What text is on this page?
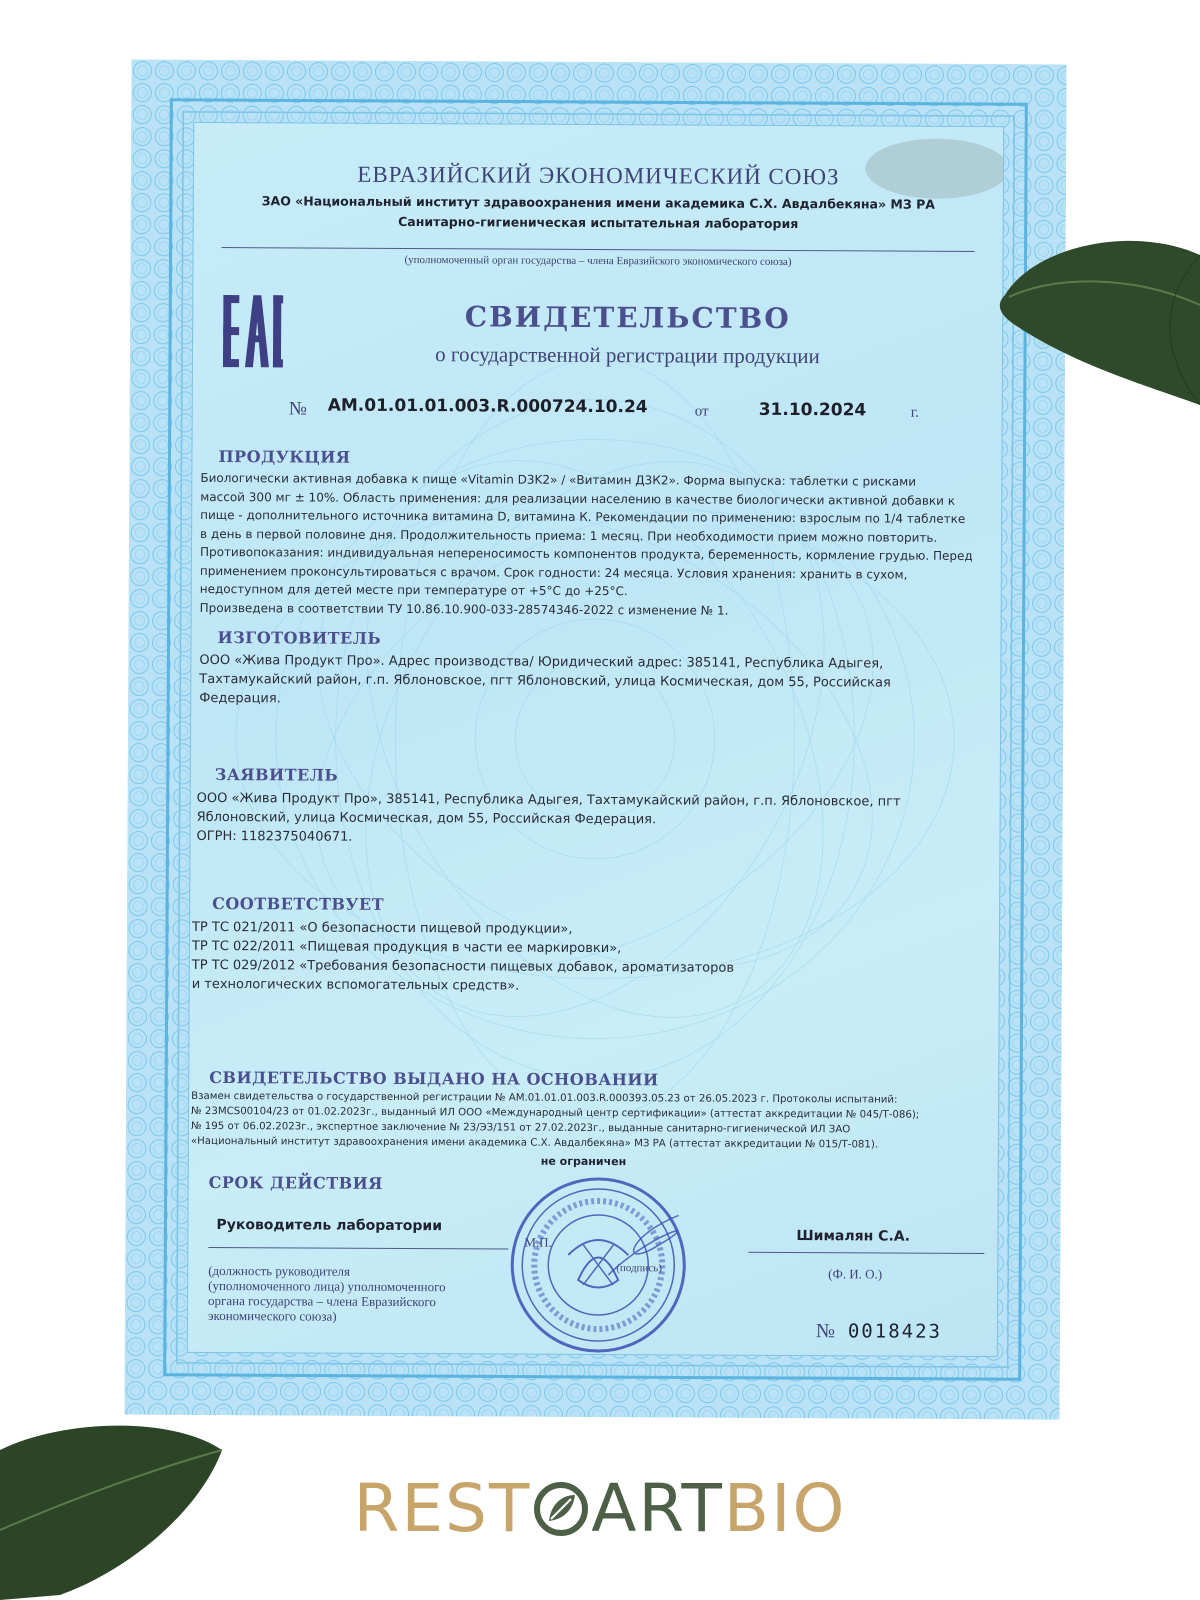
ЕВРАЗИЙСКИЙ ЭКОНОМИЧЕСКИЙ СОЮЗ
ЗАО «Национальный институт здравоохранения имени академика С.Х. Авдалбекяна» МЗ РА
Санитарно-гигиеническая испытательная лаборатория
(уполномоченный орган государства – члена Евразийского экономического союза)
СВИДЕТЕЛЬСТВО
о государственной регистрации продукции
№ AM.01.01.01.003.R.000724.10.24	от	31.10.2024	г.
ПРОДУКЦИЯ
Биологически активная добавка к пище «Vitamin D3K2» / «Витамин Д3К2». Форма выпуска: таблетки с рисками
массой 300 мг ± 10%. Область применения: для реализации населению в качестве биологически активной добавки к
пище - дополнительного источника витамина D, витамина К. Рекомендации по применению: взрослым по 1/4 таблетке
в день в первой половине дня. Продолжительность приема: 1 месяц. При необходимости прием можно повторить.
Противопоказания: индивидуальная непереносимость компонентов продукта, беременность, кормление грудью. Перед
применением проконсультироваться с врачом. Срок годности: 24 месяца. Условия хранения: хранить в сухом,
недоступном для детей месте при температуре от +5°С до +25°С.
Произведена в соответствии ТУ 10.86.10.900-033-28574346-2022 с изменение № 1.
ИЗГОТОВИТЕЛЬ
ООО «Жива Продукт Про». Адрес производства/ Юридический адрес: 385141, Республика Адыгея,
Тахтамукайский район, г.п. Яблоновское, пгт Яблоновский, улица Космическая, дом 55, Российская
Федерация.
ЗАЯВИТЕЛЬ
ООО «Жива Продукт Про», 385141, Республика Адыгея, Тахтамукайский район, г.п. Яблоновское, пгт
Яблоновский, улица Космическая, дом 55, Российская Федерация.
ОГРН: 1182375040671.
СООТВЕТСТВУЕТ
ТР ТС 021/2011 «О безопасности пищевой продукции»,
ТР ТС 022/2011 «Пищевая продукция в части ее маркировки»,
ТР ТС 029/2012 «Требования безопасности пищевых добавок, ароматизаторов
и технологических вспомогательных средств».
СВИДЕТЕЛЬСТВО ВЫДАНО НА ОСНОВАНИИ
Взамен свидетельства о государственной регистрации № AM.01.01.01.003.R.000393.05.23 от 26.05.2023 г. Протоколы испытаний:
№ 23MCS00104/23 от 01.02.2023г., выданный ИЛ ООО «Международный центр сертификации» (аттестат аккредитации № 045/Т-086);
№ 195 от 06.02.2023г., экспертное заключение № 23/ЭЗ/151 от 27.02.2023г., выданные санитарно-гигиенической ИЛ ЗАО
«Национальный институт здравоохранения имени академика С.Х. Авдалбекяна» МЗ РА (аттестат аккредитации № 015/Т-081).
не ограничен
СРОК ДЕЙСТВИЯ
Руководитель лаборатории
Шималян С.А.
(Ф. И. О.)
(должность руководителя
(уполномоченного лица) уполномоченного
органа государства – члена Евразийского
экономического союза)
М.П.
(подпись)
№ 0018423
REST ARTBIO
